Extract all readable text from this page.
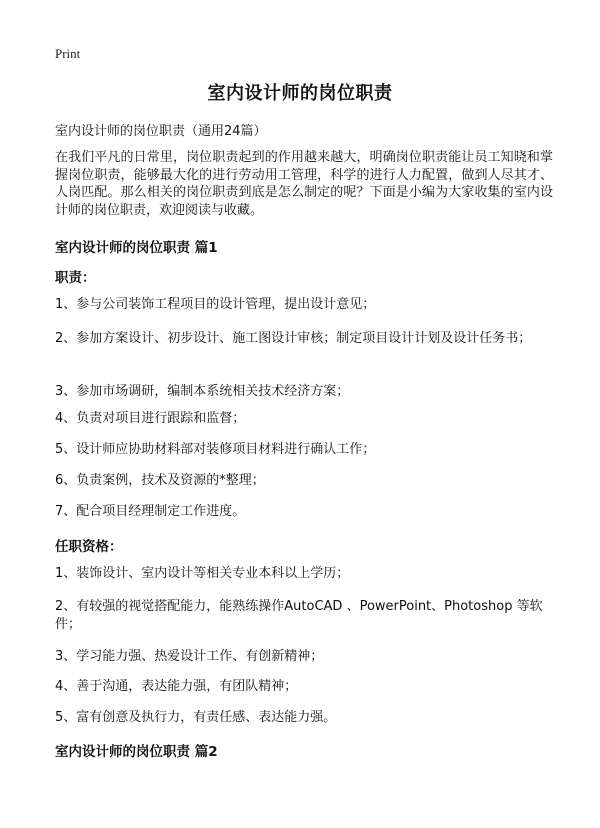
Print
室内设计师的岗位职责

室内设计师的岗位职责（通用24篇）

在我们平凡的日常里，岗位职责起到的作用越来越大，明确岗位职责能让员工知晓和掌握岗位职责，能够最大化的进行劳动用工管理，科学的进行人力配置，做到人尽其才、人岗匹配。那么相关的岗位职责到底是怎么制定的呢？下面是小编为大家收集的室内设计师的岗位职责，欢迎阅读与收藏。

室内设计师的岗位职责 篇1

职责：

1、参与公司装饰工程项目的设计管理，提出设计意见；

2、参加方案设计、初步设计、施工图设计审核；制定项目设计计划及设计任务书；

3、参加市场调研，编制本系统相关技术经济方案；

4、负责对项目进行跟踪和监督；

5、设计师应协助材料部对装修项目材料进行确认工作；

6、负责案例，技术及资源的*整理；

7、配合项目经理制定工作进度。

任职资格：

1、装饰设计、室内设计等相关专业本科以上学历；

2、有较强的视觉搭配能力，能熟练操作AutoCAD 、PowerPoint、Photoshop 等软件；

3、学习能力强、热爱设计工作、有创新精神；

4、善于沟通，表达能力强，有团队精神；

5、富有创意及执行力，有责任感、表达能力强。

室内设计师的岗位职责 篇2
